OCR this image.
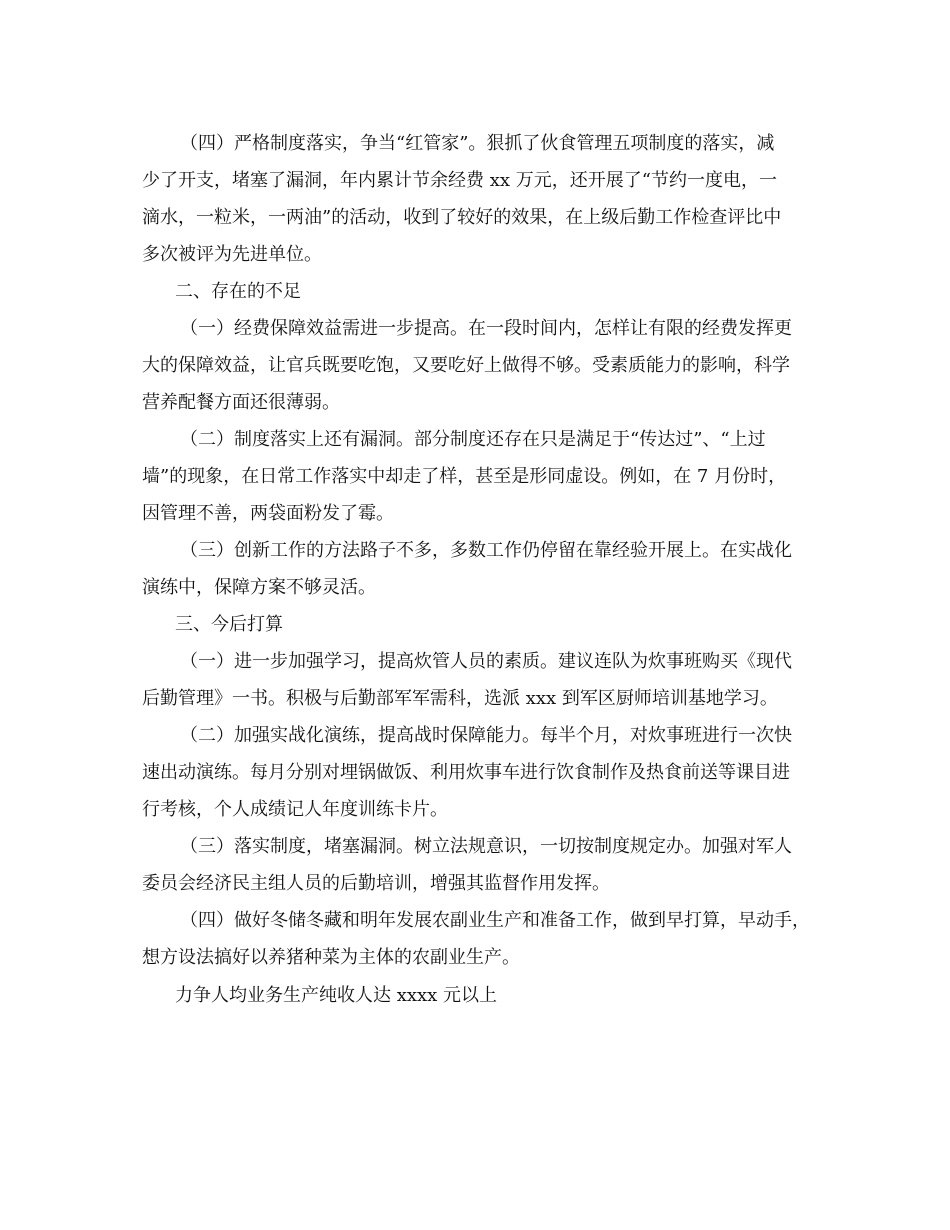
（四）严格制度落实，争当“红管家”。狠抓了伙食管理五项制度的落实，减
少了开支，堵塞了漏洞，年内累计节余经费 xx 万元，还开展了“节约一度电，一
滴水，一粒米，一两油”的活动，收到了较好的效果，在上级后勤工作检查评比中
多次被评为先进单位。
二、存在的不足
（一）经费保障效益需进一步提高。在一段时间内，怎样让有限的经费发挥更
大的保障效益，让官兵既要吃饱，又要吃好上做得不够。受素质能力的影响，科学
营养配餐方面还很薄弱。
（二）制度落实上还有漏洞。部分制度还存在只是满足于“传达过”、“上过
墙”的现象，在日常工作落实中却走了样，甚至是形同虚设。例如，在 7 月份时，
因管理不善，两袋面粉发了霉。
（三）创新工作的方法路子不多，多数工作仍停留在靠经验开展上。在实战化
演练中，保障方案不够灵活。
三、今后打算
（一）进一步加强学习，提高炊管人员的素质。建议连队为炊事班购买《现代
后勤管理》一书。积极与后勤部军军需科，选派 xxx 到军区厨师培训基地学习。
（二）加强实战化演练，提高战时保障能力。每半个月，对炊事班进行一次快
速出动演练。每月分别对埋锅做饭、利用炊事车进行饮食制作及热食前送等课目进
行考核，个人成绩记人年度训练卡片。
（三）落实制度，堵塞漏洞。树立法规意识，一切按制度规定办。加强对军人
委员会经济民主组人员的后勤培训，增强其监督作用发挥。
（四）做好冬储冬藏和明年发展农副业生产和准备工作，做到早打算，早动手，
想方设法搞好以养猪种菜为主体的农副业生产。
力争人均业务生产纯收人达 xxxx 元以上
